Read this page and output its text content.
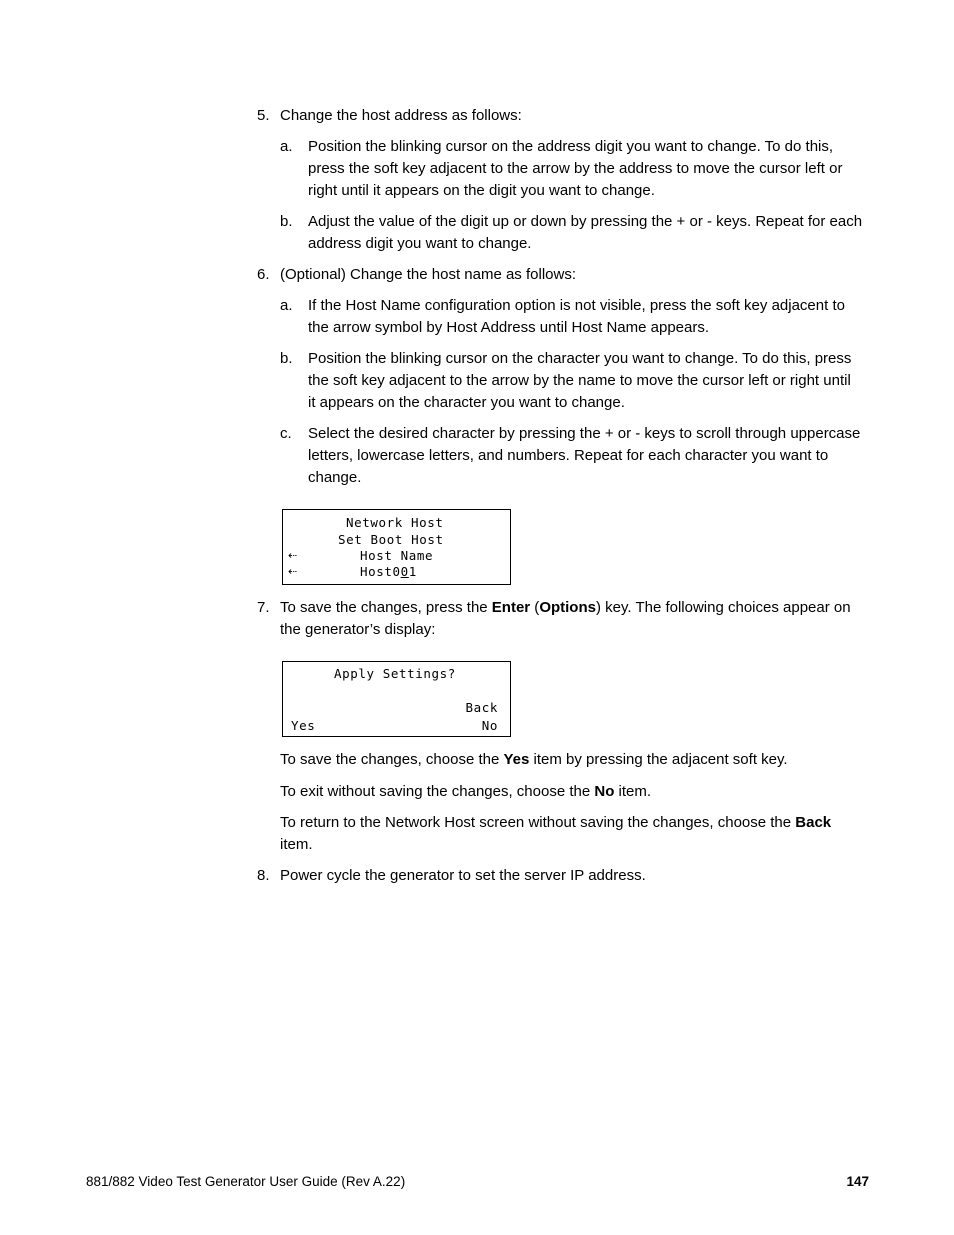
5. Change the host address as follows:
a. Position the blinking cursor on the address digit you want to change. To do this,
press the soft key adjacent to the arrow by the address to move the cursor left or
right until it appears on the digit you want to change.
b. Adjust the value of the digit up or down by pressing the + or - keys. Repeat for each
address digit you want to change.
6. (Optional) Change the host name as follows:
a. If the Host Name configuration option is not visible, press the soft key adjacent to
the arrow symbol by Host Address until Host Name appears.
b. Position the blinking cursor on the character you want to change. To do this, press
the soft key adjacent to the arrow by the name to move the cursor left or right until
it appears on the character you want to change.
c. Select the desired character by pressing the + or - keys to scroll through uppercase
letters, lowercase letters, and numbers. Repeat for each character you want to
change.
Network Host
Set Boot Host
⇠	Host Name
⇠	Host001
7. To save the changes, press the Enter (Options) key. The following choices appear on
the generator’s display:
Apply Settings?
Back
Yes	No
To save the changes, choose the Yes item by pressing the adjacent soft key.
To exit without saving the changes, choose the No item.
To return to the Network Host screen without saving the changes, choose the Back
item.
8. Power cycle the generator to set the server IP address.
881/882 Video Test Generator User Guide (Rev A.22)	147
